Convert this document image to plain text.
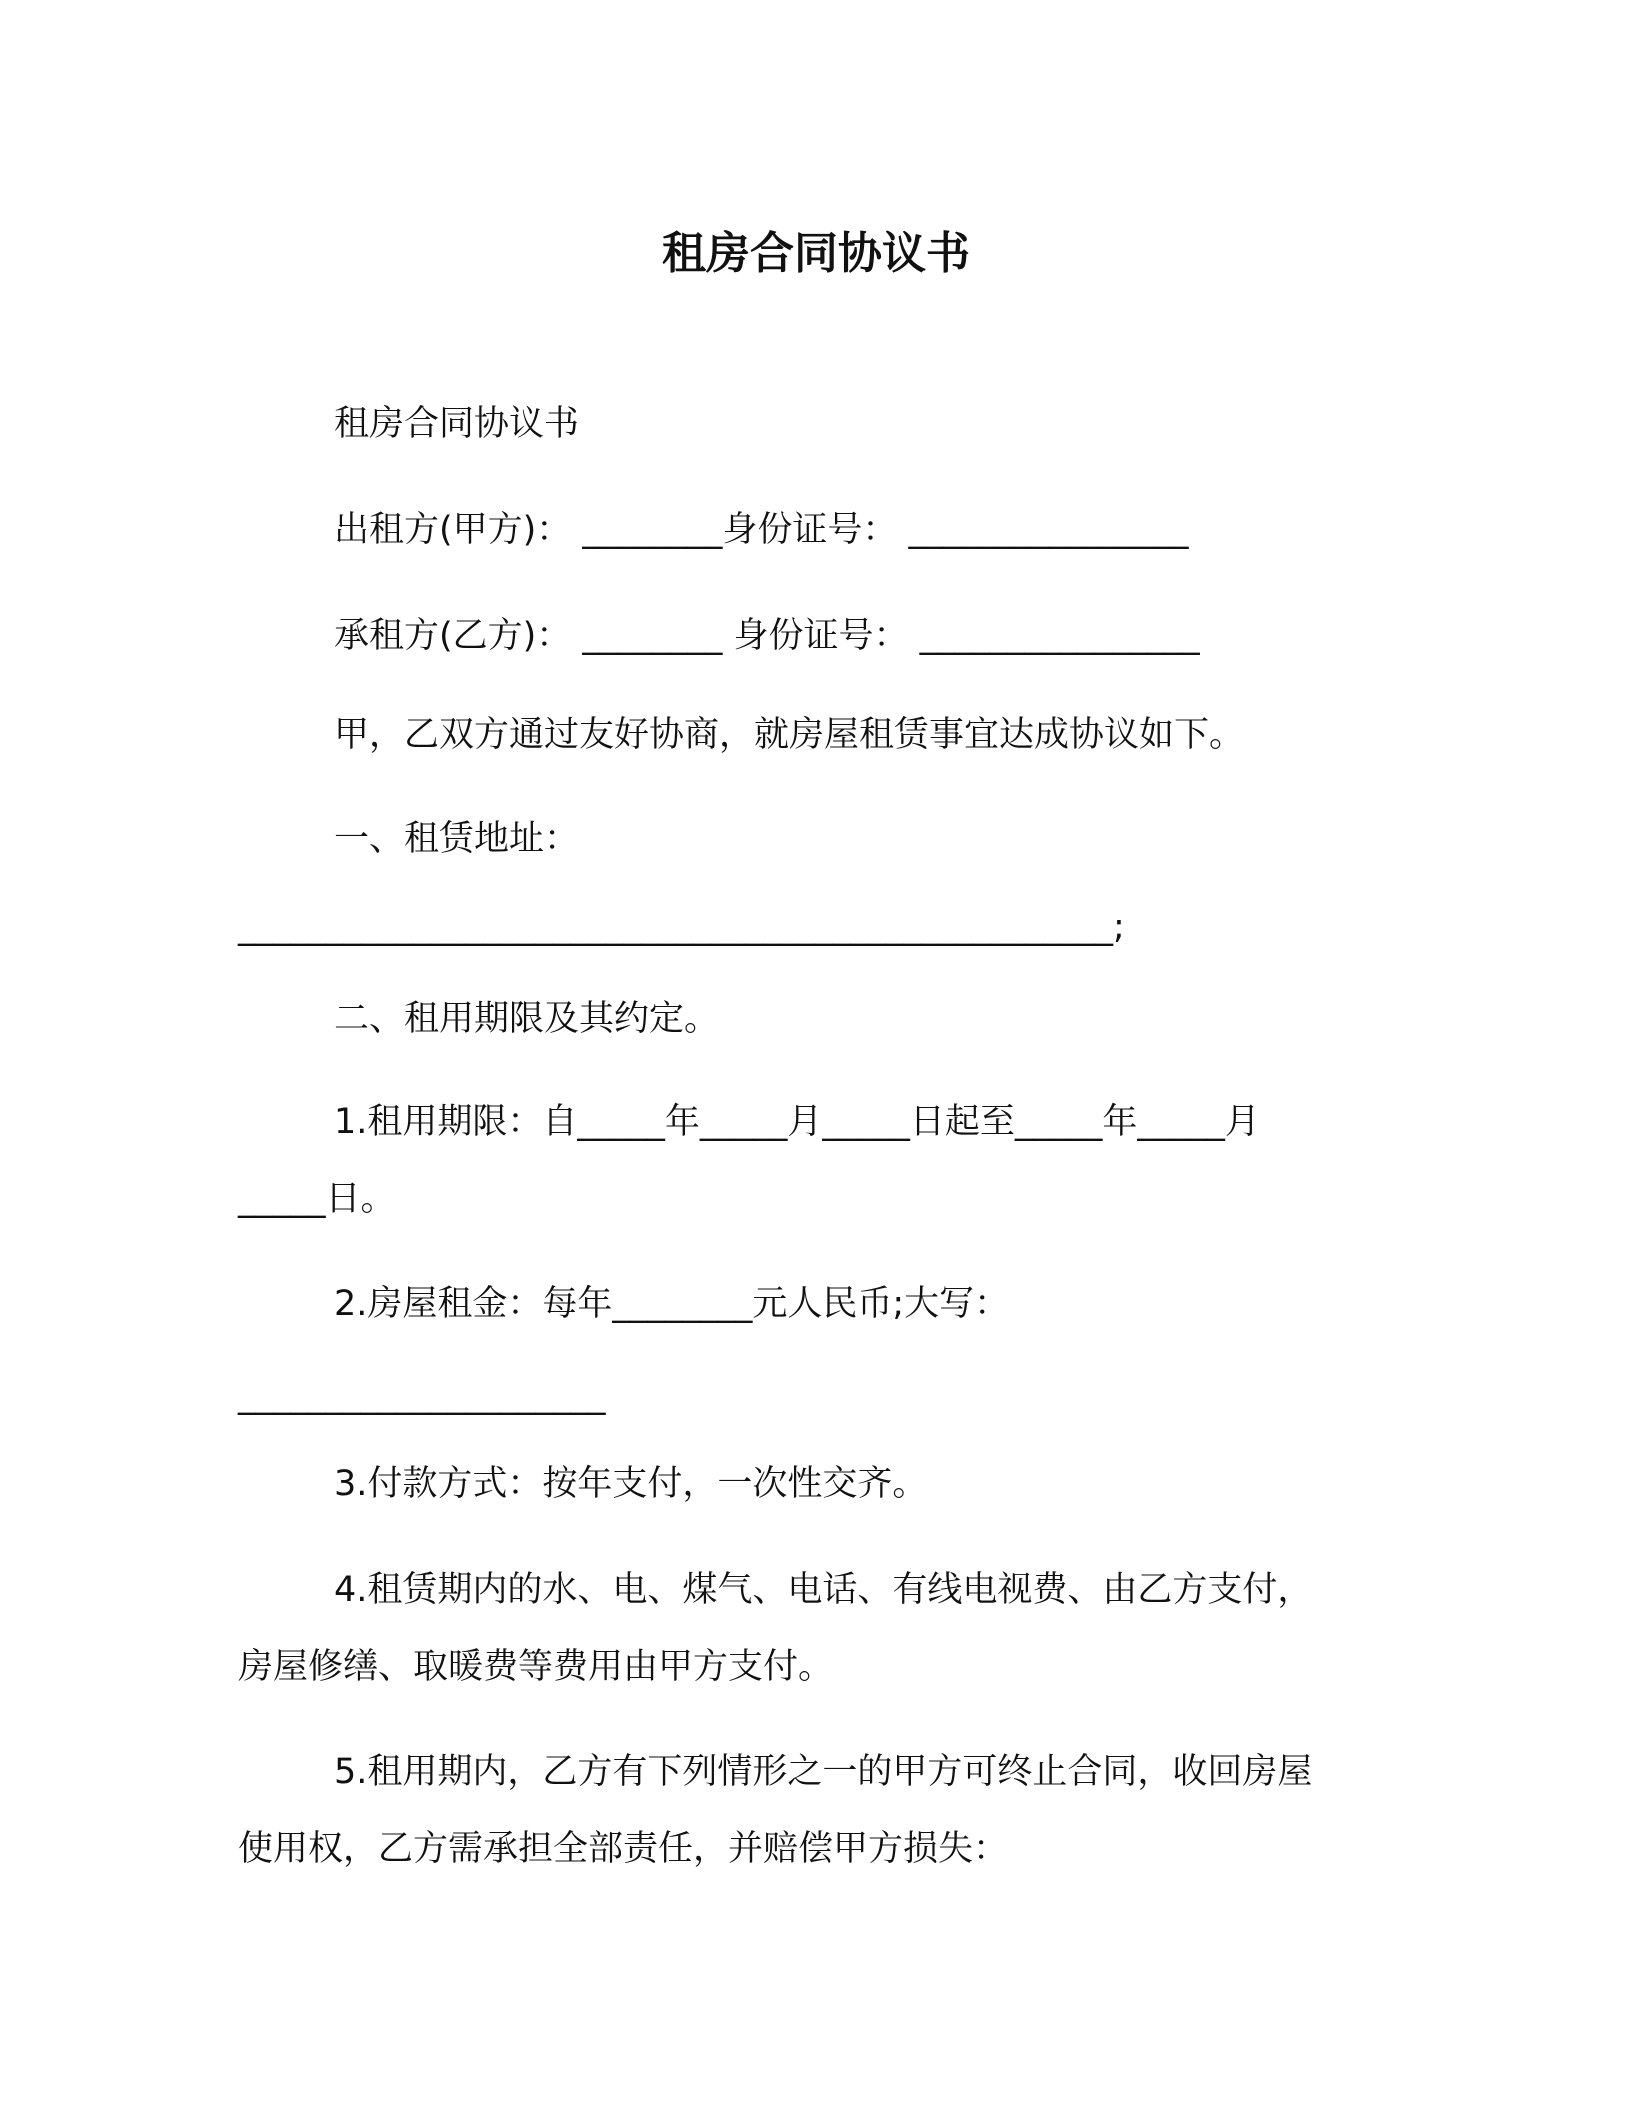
租房合同协议书
租房合同协议书
出租方(甲方)： ________身份证号： ________________
承租方(乙方)： ________ 身份证号： ________________
甲，乙双方通过友好协商，就房屋租赁事宜达成协议如下。
一、租赁地址：
__________________________________________________;
二、租用期限及其约定。
1.租用期限：自_____年_____月_____日起至_____年_____月
_____日。
2.房屋租金：每年________元人民币;大写：
_____________________
3.付款方式：按年支付，一次性交齐。
4.租赁期内的水、电、煤气、电话、有线电视费、由乙方支付，
房屋修缮、取暖费等费用由甲方支付。
5.租用期内，乙方有下列情形之一的甲方可终止合同，收回房屋
使用权，乙方需承担全部责任，并赔偿甲方损失：
